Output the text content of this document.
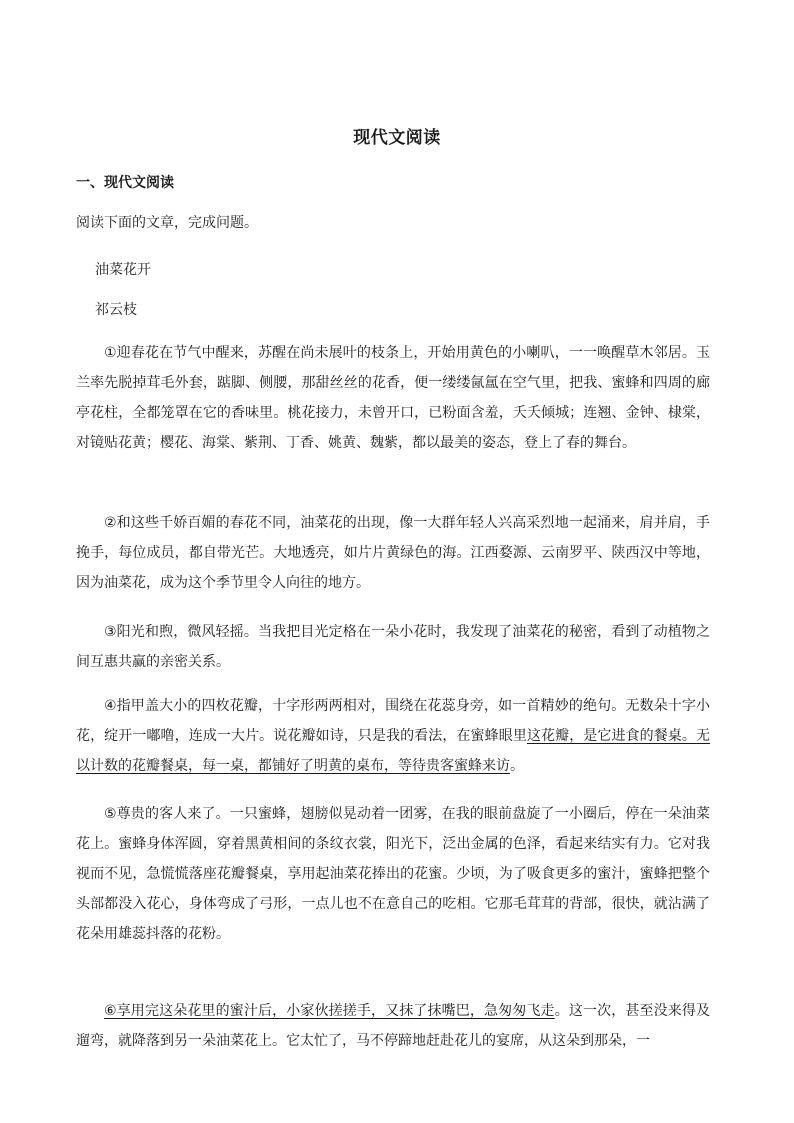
现代文阅读
一、现代文阅读
阅读下面的文章，完成问题。
油菜花开
祁云枝

①迎春花在节气中醒来，苏醒在尚未展叶的枝条上，开始用黄色的小喇叭，一一唤醒草木邻居。玉兰率先脱掉茸毛外套，踮脚、侧腰，那甜丝丝的花香，便一缕缕氤氲在空气里，把我、蜜蜂和四周的廊亭花柱，全都笼罩在它的香味里。桃花接力，未曾开口，已粉面含羞，夭夭倾城；连翘、金钟、棣棠，对镜贴花黄；樱花、海棠、紫荆、丁香、姚黄、魏紫，都以最美的姿态，登上了春的舞台。

②和这些千娇百媚的春花不同，油菜花的出现，像一大群年轻人兴高采烈地一起涌来，肩并肩，手挽手，每位成员，都自带光芒。大地透亮，如片片黄绿色的海。江西婺源、云南罗平、陕西汉中等地，因为油菜花，成为这个季节里令人向往的地方。

③阳光和煦，微风轻摇。当我把目光定格在一朵小花时，我发现了油菜花的秘密，看到了动植物之间互惠共赢的亲密关系。

④指甲盖大小的四枚花瓣，十字形两两相对，围绕在花蕊身旁，如一首精妙的绝句。无数朵十字小花，绽开一嘟噜，连成一大片。说花瓣如诗，只是我的看法，在蜜蜂眼里这花瓣，是它进食的餐桌。无以计数的花瓣餐桌，每一桌，都铺好了明黄的桌布，等待贵客蜜蜂来访。

⑤尊贵的客人来了。一只蜜蜂，翅膀似晃动着一团雾，在我的眼前盘旋了一小圈后，停在一朵油菜花上。蜜蜂身体浑圆，穿着黑黄相间的条纹衣裳，阳光下，泛出金属的色泽，看起来结实有力。它对我视而不见，急慌慌落座花瓣餐桌，享用起油菜花捧出的花蜜。少顷，为了吸食更多的蜜汁，蜜蜂把整个头部都没入花心，身体弯成了弓形，一点儿也不在意自己的吃相。它那毛茸茸的背部，很快，就沾满了花朵用雄蕊抖落的花粉。

⑥享用完这朵花里的蜜汁后，小家伙搓搓手，又抹了抹嘴巴，急匆匆飞走。这一次，甚至没来得及遛弯，就降落到另一朵油菜花上。它太忙了，马不停蹄地赶赴花儿的宴席，从这朵到那朵，一
